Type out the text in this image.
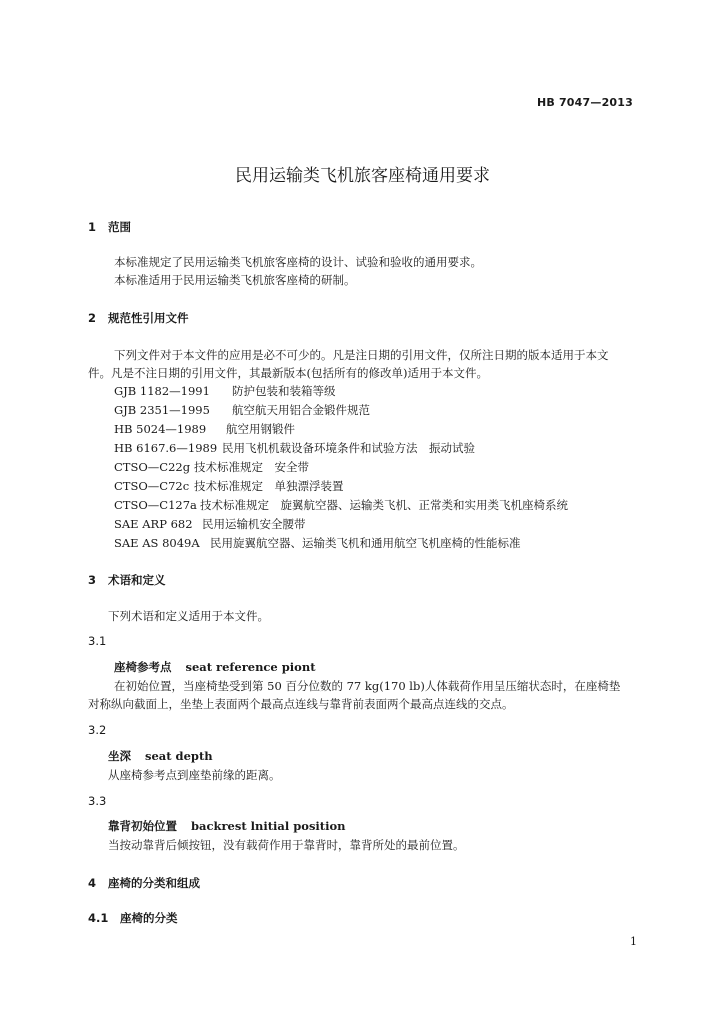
HB 7047—2013
民用运输类飞机旅客座椅通用要求
1 范围
本标准规定了民用运输类飞机旅客座椅的设计、试验和验收的通用要求。
本标准适用于民用运输类飞机旅客座椅的研制。
2 规范性引用文件
下列文件对于本文件的应用是必不可少的。凡是注日期的引用文件，仅所注日期的版本适用于本文
件。凡是不注日期的引用文件，其最新版本(包括所有的修改单)适用于本文件。
GJB 1182—1991 防护包装和装箱等级
GJB 2351—1995 航空航天用铝合金锻件规范
HB 5024—1989 航空用钢锻件
HB 6167.6—1989 民用飞机机载设备环境条件和试验方法　振动试验
CTSO—C22g 技术标准规定　安全带
CTSO—C72c 技术标准规定　单独漂浮装置
CTSO—C127a 技术标准规定　旋翼航空器、运输类飞机、正常类和实用类飞机座椅系统
SAE ARP 682 民用运输机安全腰带
SAE AS 8049A 民用旋翼航空器、运输类飞机和通用航空飞机座椅的性能标准
3 术语和定义
下列术语和定义适用于本文件。
3.1
座椅参考点 seat reference piont
在初始位置，当座椅垫受到第 50 百分位数的 77 kg(170 lb)人体载荷作用呈压缩状态时，在座椅垫
对称纵向截面上，坐垫上表面两个最高点连线与靠背前表面两个最高点连线的交点。
3.2
坐深 seat depth
从座椅参考点到座垫前缘的距离。
3.3
靠背初始位置 backrest lnitial position
当按动靠背后倾按钮，没有载荷作用于靠背时，靠背所处的最前位置。
4 座椅的分类和组成
4.1 座椅的分类
1
